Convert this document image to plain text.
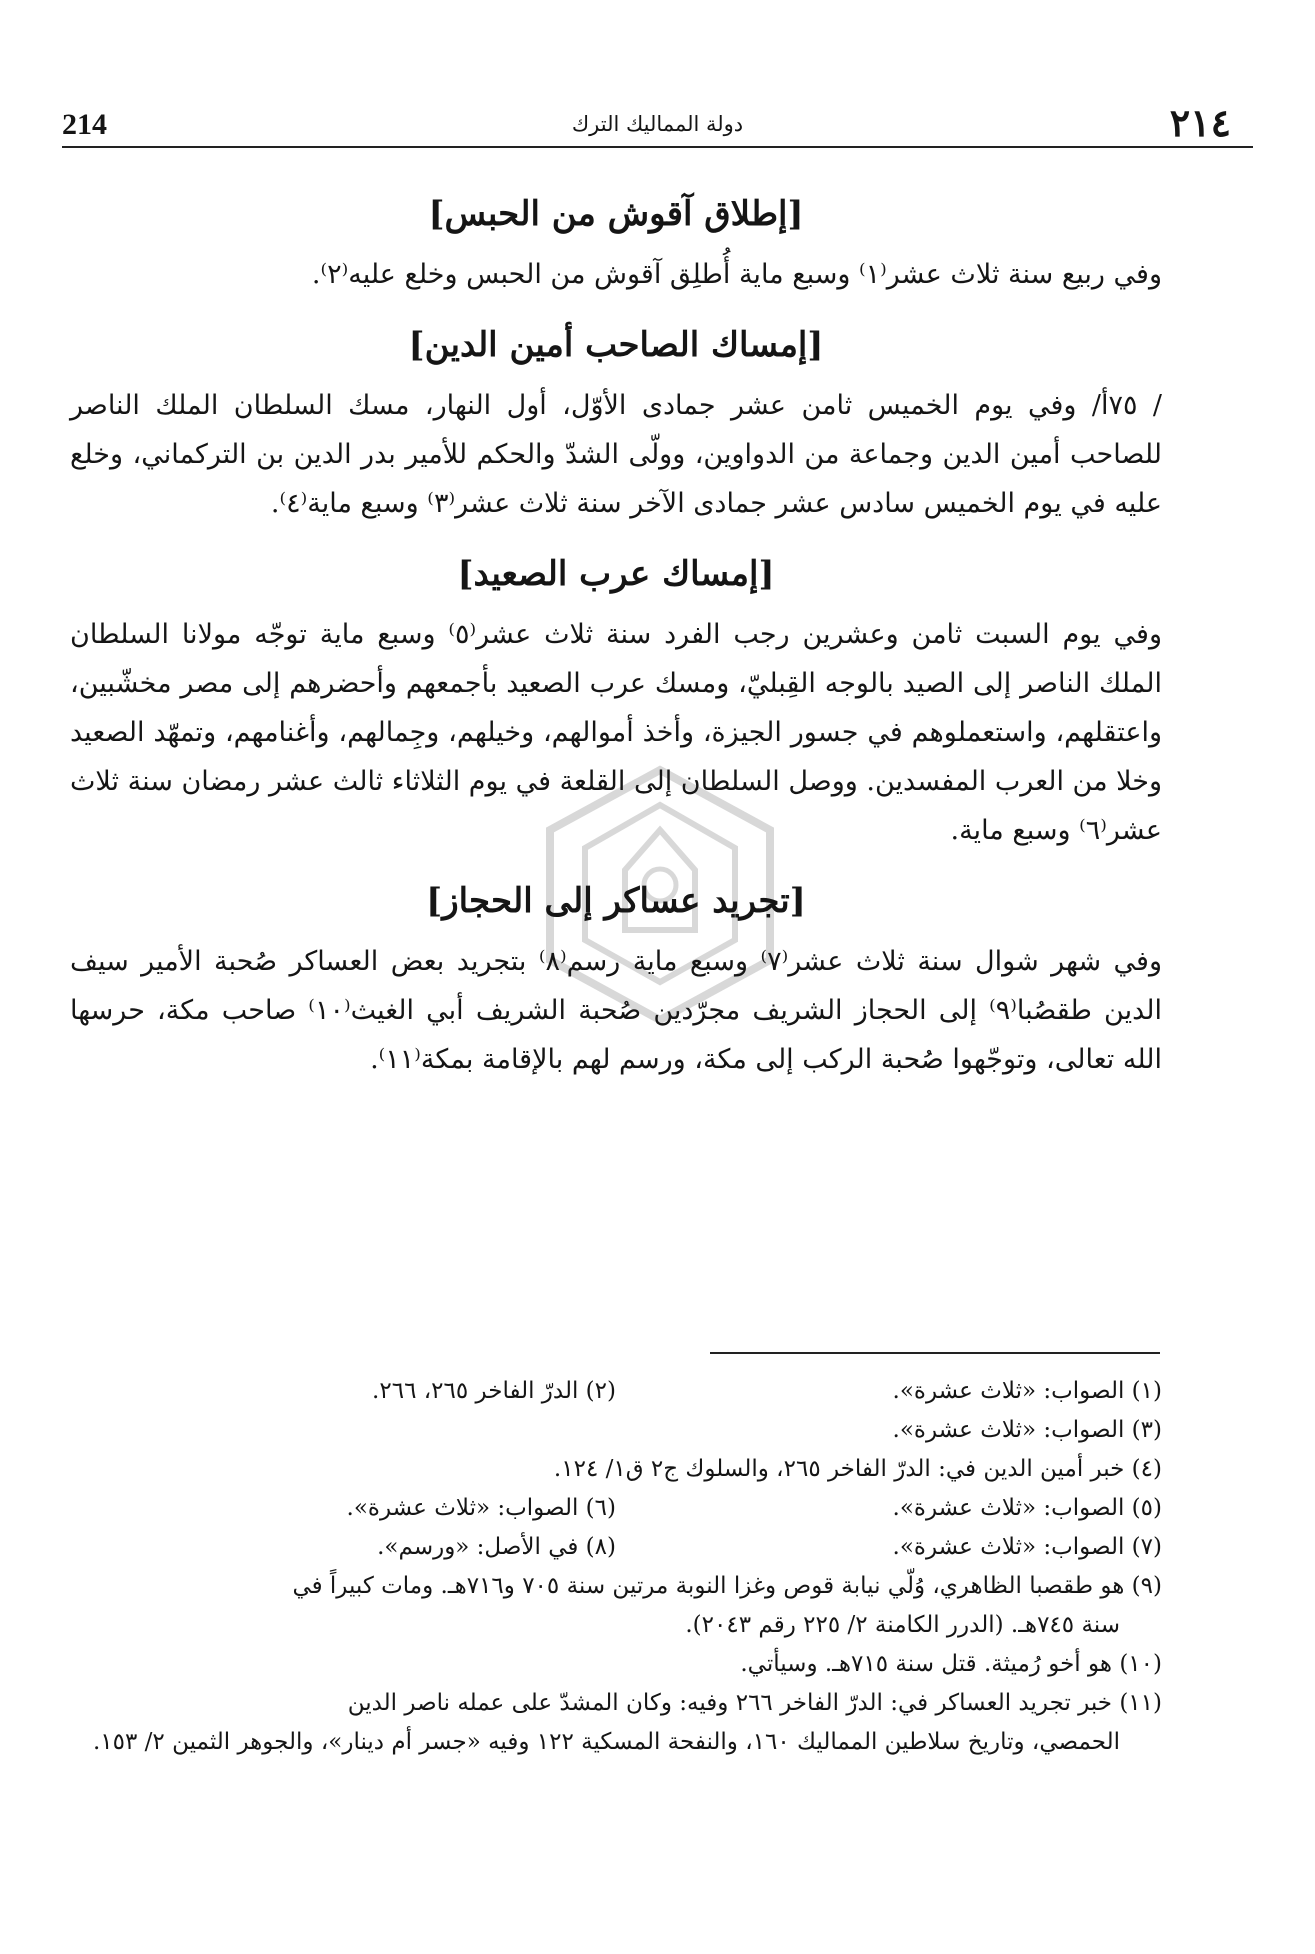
214	دولة المماليك الترك	٢١٤
[إطلاق آقوش من الحبس]

وفي ربيع سنة ثلاث عشر⁽١⁾ وسبع ماية أُطلِق آقوش من الحبس وخلع عليه⁽٢⁾.

[إمساك الصاحب أمين الدين]

/ ٧٥أ/ وفي يوم الخميس ثامن عشر جمادى الأوّل، أول النهار، مسك السلطان الملك الناصر للصاحب أمين الدين وجماعة من الدواوين، وولّى الشدّ والحكم للأمير بدر الدين بن التركماني، وخلع عليه في يوم الخميس سادس عشر جمادى الآخر سنة ثلاث عشر⁽٣⁾ وسبع ماية⁽٤⁾.

[إمساك عرب الصعيد]

وفي يوم السبت ثامن وعشرين رجب الفرد سنة ثلاث عشر⁽٥⁾ وسبع ماية توجّه مولانا السلطان الملك الناصر إلى الصيد بالوجه القِبليّ، ومسك عرب الصعيد بأجمعهم وأحضرهم إلى مصر مخشّبين، واعتقلهم، واستعملوهم في جسور الجيزة، وأخذ أموالهم، وخيلهم، وجِمالهم، وأغنامهم، وتمهّد الصعيد وخلا من العرب المفسدين. ووصل السلطان إلى القلعة في يوم الثلاثاء ثالث عشر رمضان سنة ثلاث عشر⁽٦⁾ وسبع ماية.

[تجريد عساكر إلى الحجاز]

وفي شهر شوال سنة ثلاث عشر⁽٧⁾ وسبع ماية رسم⁽٨⁾ بتجريد بعض العساكر صُحبة الأمير سيف الدين طقصُبا⁽٩⁾ إلى الحجاز الشريف مجرّدين صُحبة الشريف أبي الغيث⁽١٠⁾ صاحب مكة، حرسها الله تعالى، وتوجّهوا صُحبة الركب إلى مكة، ورسم لهم بالإقامة بمكة⁽١١⁾.

(١) الصواب: «ثلاث عشرة».
(٢) الدرّ الفاخر ٢٦٥، ٢٦٦.
(٣) الصواب: «ثلاث عشرة».
(٤) خبر أمين الدين في: الدرّ الفاخر ٢٦٥، والسلوك ج٢ ق١/ ١٢٤.
(٥) الصواب: «ثلاث عشرة».
(٦) الصواب: «ثلاث عشرة».
(٧) الصواب: «ثلاث عشرة».
(٨) في الأصل: «ورسم».
(٩) هو طقصبا الظاهري، وُلّي نيابة قوص وغزا النوبة مرتين سنة ٧٠٥ و٧١٦هـ. ومات كبيراً في
سنة ٧٤٥هـ. (الدرر الكامنة ٢/ ٢٢٥ رقم ٢٠٤٣).
(١٠) هو أخو رُميثة. قتل سنة ٧١٥هـ. وسيأتي.
(١١) خبر تجريد العساكر في: الدرّ الفاخر ٢٦٦ وفيه: وكان المشدّ على عمله ناصر الدين
الحمصي، وتاريخ سلاطين المماليك ١٦٠، والنفحة المسكية ١٢٢ وفيه «جسر أم دينار»، والجوهر الثمين ٢/ ١٥٣.
